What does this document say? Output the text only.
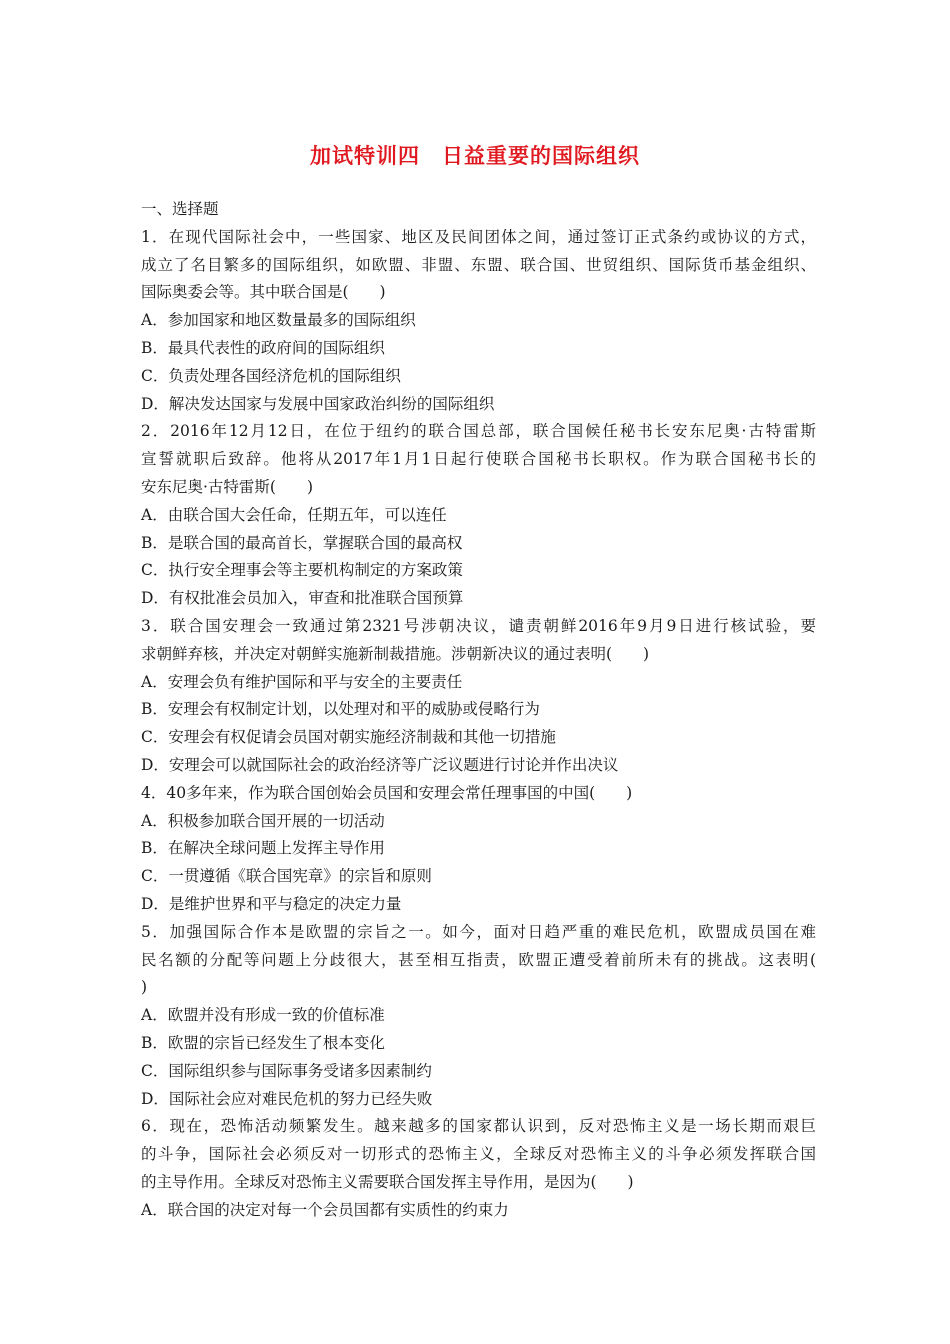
加试特训四　日益重要的国际组织
一、选择题
1．在现代国际社会中，一些国家、地区及民间团体之间，通过签订正式条约或协议的方式，
成立了名目繁多的国际组织，如欧盟、非盟、东盟、联合国、世贸组织、国际货币基金组织、
国际奥委会等。其中联合国是(　　)
A．参加国家和地区数量最多的国际组织
B．最具代表性的政府间的国际组织
C．负责处理各国经济危机的国际组织
D．解决发达国家与发展中国家政治纠纷的国际组织
2．2016年12月12日，在位于纽约的联合国总部，联合国候任秘书长安东尼奥·古特雷斯
宣誓就职后致辞。他将从2017年1月1日起行使联合国秘书长职权。作为联合国秘书长的
安东尼奥·古特雷斯(　　)
A．由联合国大会任命，任期五年，可以连任
B．是联合国的最高首长，掌握联合国的最高权
C．执行安全理事会等主要机构制定的方案政策
D．有权批准会员加入，审查和批准联合国预算
3．联合国安理会一致通过第2321号涉朝决议，谴责朝鲜2016年9月9日进行核试验，要
求朝鲜弃核，并决定对朝鲜实施新制裁措施。涉朝新决议的通过表明(　　)
A．安理会负有维护国际和平与安全的主要责任
B．安理会有权制定计划，以处理对和平的威胁或侵略行为
C．安理会有权促请会员国对朝实施经济制裁和其他一切措施
D．安理会可以就国际社会的政治经济等广泛议题进行讨论并作出决议
4．40多年来，作为联合国创始会员国和安理会常任理事国的中国(　　)
A．积极参加联合国开展的一切活动
B．在解决全球问题上发挥主导作用
C．一贯遵循《联合国宪章》的宗旨和原则
D．是维护世界和平与稳定的决定力量
5．加强国际合作本是欧盟的宗旨之一。如今，面对日趋严重的难民危机，欧盟成员国在难
民名额的分配等问题上分歧很大，甚至相互指责，欧盟正遭受着前所未有的挑战。这表明(
)
A．欧盟并没有形成一致的价值标准
B．欧盟的宗旨已经发生了根本变化
C．国际组织参与国际事务受诸多因素制约
D．国际社会应对难民危机的努力已经失败
6．现在，恐怖活动频繁发生。越来越多的国家都认识到，反对恐怖主义是一场长期而艰巨
的斗争，国际社会必须反对一切形式的恐怖主义，全球反对恐怖主义的斗争必须发挥联合国
的主导作用。全球反对恐怖主义需要联合国发挥主导作用，是因为(　　)
A．联合国的决定对每一个会员国都有实质性的约束力
